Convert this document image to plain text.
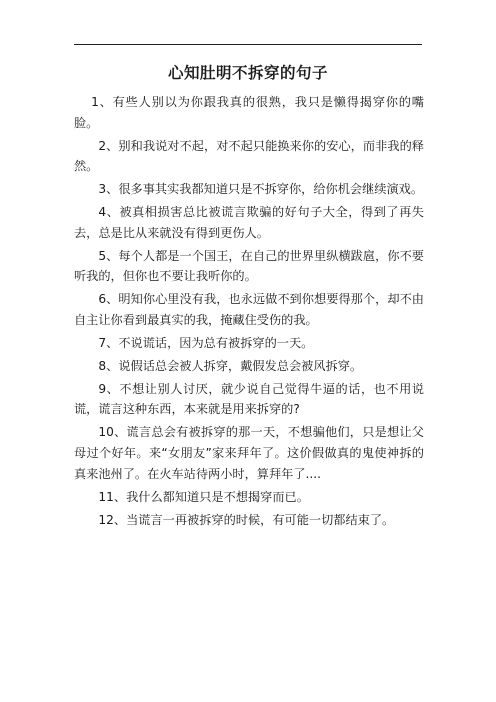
心知肚明不拆穿的句子

1、有些人别以为你跟我真的很熟，我只是懒得揭穿你的嘴脸。

2、别和我说对不起，对不起只能换来你的安心，而非我的释然。

3、很多事其实我都知道只是不拆穿你，给你机会继续演戏。

4、被真相损害总比被谎言欺骗的好句子大全，得到了再失去，总是比从来就没有得到更伤人。

5、每个人都是一个国王，在自己的世界里纵横跋扈，你不要听我的，但你也不要让我听你的。

6、明知你心里没有我，也永远做不到你想要得那个，却不由自主让你看到最真实的我，掩藏住受伤的我。

7、不说谎话，因为总有被拆穿的一天。

8、说假话总会被人拆穿，戴假发总会被风拆穿。

9、不想让别人讨厌，就少说自己觉得牛逼的话，也不用说谎，谎言这种东西，本来就是用来拆穿的?

10、谎言总会有被拆穿的那一天，不想骗他们，只是想让父母过个好年。来“女朋友”家来拜年了。这价假做真的鬼使神拆的真来池州了。在火车站待两小时，算拜年了....

11、我什么都知道只是不想揭穿而已。

12、当谎言一再被拆穿的时候，有可能一切都结束了。
